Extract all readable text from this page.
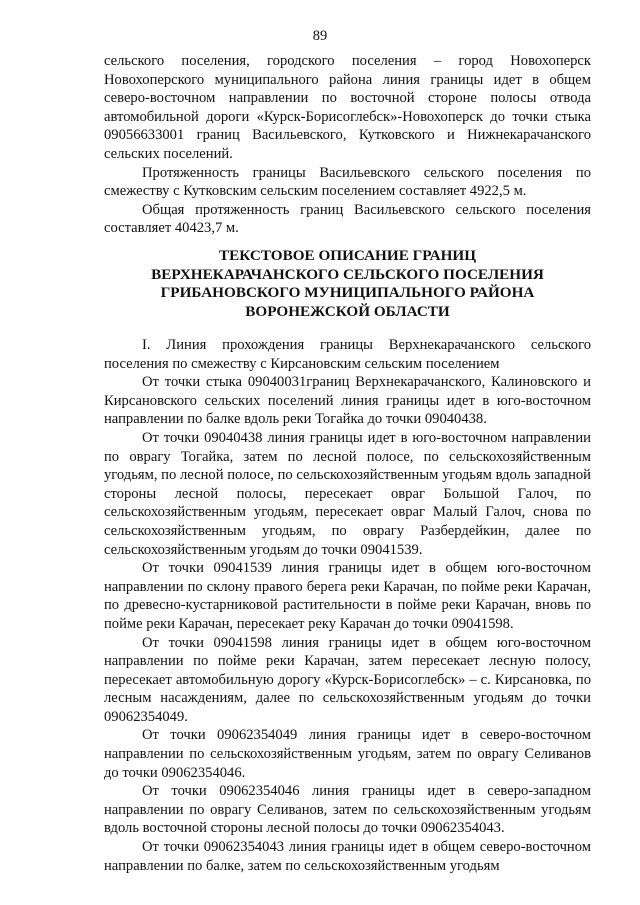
89

сельского поселения, городского поселения – город Новохоперск Новохоперского муниципального района линия границы идет в общем северо-восточном направлении по восточной стороне полосы отвода автомобильной дороги «Курск-Борисоглебск»-Новохоперск до точки стыка 09056633001 границ Васильевского, Кутковского и Нижнекарачанского сельских поселений.

Протяженность границы Васильевского сельского поселения по смежеству с Кутковским сельским поселением составляет 4922,5 м.

Общая протяженность границ Васильевского сельского поселения составляет 40423,7 м.

ТЕКСТОВОЕ ОПИСАНИЕ ГРАНИЦ
ВЕРХНЕКАРАЧАНСКОГО СЕЛЬСКОГО ПОСЕЛЕНИЯ
ГРИБАНОВСКОГО МУНИЦИПАЛЬНОГО РАЙОНА
ВОРОНЕЖСКОЙ ОБЛАСТИ

I. Линия прохождения границы Верхнекарачанского сельского поселения по смежеству с Кирсановским сельским поселением

От точки стыка 09040031границ Верхнекарачанского, Калиновского и Кирсановского сельских поселений линия границы идет в юго-восточном направлении по балке вдоль реки Тогайка до точки 09040438.

От точки 09040438 линия границы идет в юго-восточном направлении по оврагу Тогайка, затем по лесной полосе, по сельскохозяйственным угодьям, по лесной полосе, по сельскохозяйственным угодьям вдоль западной стороны лесной полосы, пересекает овраг Большой Галоч, по сельскохозяйственным угодьям, пересекает овраг Малый Галоч, снова по сельскохозяйственным угодьям, по оврагу Разбердейкин, далее по сельскохозяйственным угодьям до точки 09041539.

От точки 09041539 линия границы идет в общем юго-восточном направлении по склону правого берега реки Карачан, по пойме реки Карачан, по древесно-кустарниковой растительности в пойме реки Карачан, вновь по пойме реки Карачан, пересекает реку Карачан до точки 09041598.

От точки 09041598 линия границы идет в общем юго-восточном направлении по пойме реки Карачан, затем пересекает лесную полосу, пересекает автомобильную дорогу «Курск-Борисоглебск» – с. Кирсановка, по лесным насаждениям, далее по сельскохозяйственным угодьям до точки 09062354049.

От точки 09062354049 линия границы идет в северо-восточном направлении по сельскохозяйственным угодьям, затем по оврагу Селиванов до точки 09062354046.

От точки 09062354046 линия границы идет в северо-западном направлении по оврагу Селиванов, затем по сельскохозяйственным угодьям вдоль восточной стороны лесной полосы до точки 09062354043.

От точки 09062354043 линия границы идет в общем северо-восточном направлении по балке, затем по сельскохозяйственным угодьям
